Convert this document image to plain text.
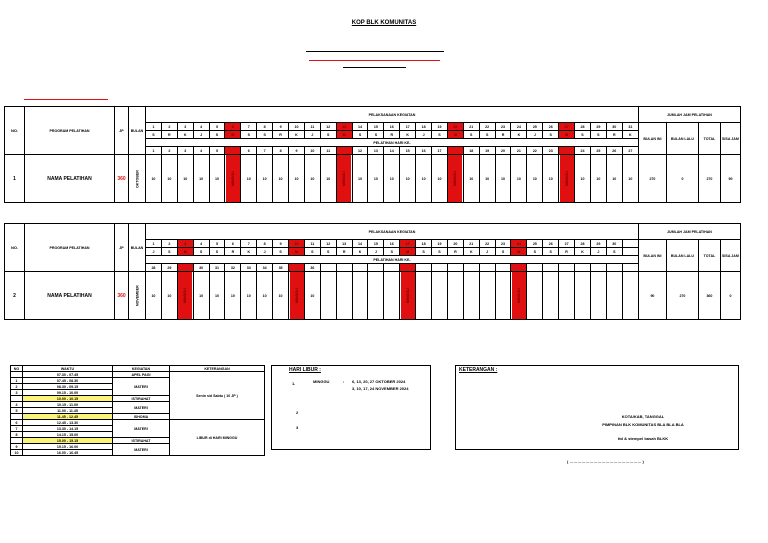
KOP BLK KOMUNITAS
NO.	PROGRAM PELATIHAN	JP	BULAN	PELAKSANAAN KEGIATAN																															JUMLAH JAM PELATIHAN			
				1	2	3	4	5	6	7	8	9	10	11	12	13	14	15	16	17	18	19	20	21	22	23	24	25	26	27	28	29	30	31	BULAN INI	BULAN LALU	TOTAL	SISA JAM
				S	R	K	J	S	M	S	S	R	K	J	S	M	S	S	R	K	J	S	M	S	S	R	K	J	S	M	S	S	R	K				
				PELATIHAN HARI KE-																																		
				1	2	3	4	5		6	7	8	9	10	11		12	13	14	15	16	17		18	19	20	21	22	23		24	25	26	27				
1	NAMA PELATIHAN	360	OKTOBER	10	10	10	10	10	MINGGU	10	10	10	10	10	10	MINGGU	10	10	10	10	10	10	MINGGU	10	10	10	10	10	10	MINGGU	10	10	10	10	270	0	270	90
NO.	PROGRAM PELATIHAN	JP	BULAN	PELAKSANAAN KEGIATAN																															JUMLAH JAM PELATIHAN			
				1	2	3	4	5	6	7	8	9	10	11	12	13	14	15	16	17	18	19	20	21	22	23	24	25	26	27	28	29	30		BULAN INI	BULAN LALU	TOTAL	SISA JAM
				J	S	M	S	S	R	K	J	S	M	S	S	R	K	J	S	M	S	S	R	K	J	S	M	S	S	R	K	J	S					
				PELATIHAN HARI KE-																																		
				28	29		30	31	32	33	34	35		36																								
2	NAMA PELATIHAN	360	NOVEMBER	10	10	MINGGU	10	10	10	10	10	10	MINGGU	10						MINGGU							MINGGU								90	270	360	0
NO	WAKTU	KEGIATAN	KETERANGAN
	07.30 - 07.45	APEL PAGI	Senin s/d Sabtu ( 10 JP )
1	07.45 - 08.30	MATERI	
2	08.30 - 09.15		
3	09.15 - 10.00		
	10.00 - 10.15	ISTIRAHAT	
4	10.15 - 11.00	MATERI	
5	11.00 - 11.45		
	11.45 - 12.45	ISHOMA	
6	12.45 - 13.30	MATERI	LIBUR di HARI MINGGU
7	13.30 - 14.15		
8	14.15 - 15.00		
	15.00 - 15.15	ISTIRAHAT	
9	15.15 - 16.00	MATERI	
10	16.00 - 16.45		
HARI LIBUR :
1.	MINGGU	: 6, 13, 20, 27 OKTOBER 2024
3, 10, 17, 24 NOVEMBER 2024
2
3
KETERANGAN :
KOTA/KAB, TANGGAL
PIMPINAN BLK KOMUNITAS BLA BLA BLA
ttd & stempel basah BLKK
( ……………………………………………… )
